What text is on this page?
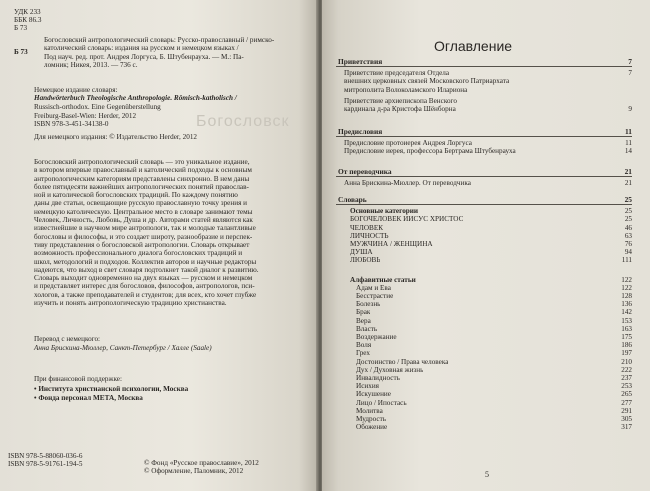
УДК 233
ББК 86.3
Б 73
Б 73
Богословский антропологический словарь: Русско-православный / римско-
католический словарь: издания на русском и немецком языках /
Под науч. ред. прот. Андрея Лоргуса, Б. Штубенрауха. — М.: Па-
ломник; Никея, 2013. — 736 с.
Богословск
Немецкое издание словаря:
Handwörterbuch Theologische Anthropologie. Römisch-katholisch /
Russisch-orthodox. Eine Gegenüberstellung
Freiburg-Basel-Wien: Herder, 2012
ISBN 978-3-451-34138-0
Для немецкого издания: © Издательство Herder, 2012
Богословский антропологический словарь — это уникальное издание,
в котором впервые православный и католический подходы к основным
антропологическим категориям представлены синхронно. В нем даны
более пятидесяти важнейших антропологических понятий православ-
ной и католической богословских традиций. По каждому понятию
даны две статьи, освещающие русскую православную точку зрения и
немецкую католическую. Центральное место в словаре занимают темы
Человек, Личность, Любовь, Душа и др. Авторами статей являются как
известнейшие в научном мире антропологи, так и молодые талантливые
богословы и философы, и это создает широту, разнообразие и перспек-
тиву представления о богословской антропологии. Словарь открывает
возможность профессионального диалога богословских традиций и
школ, методологий и подходов. Коллектив авторов и научные редакторы
надеются, что выход в свет словаря подтолкнет такой диалог к развитию.
Словарь выходит одновременно на двух языках — русском и немецком
и представляет интерес для богословов, философов, антропологов, пси-
хологов, а также преподавателей и студентов; для всех, кто хочет глубже
изучить и понять антропологическую традицию христианства.
Перевод с немецкого:
Анна Брискина-Мюллер, Санкт-Петербург / Халле (Saale)
При финансовой поддержке:
• Института христианской психологии, Москва
• Фонда персонал МЕТА, Москва
ISBN 978-5-88060-036-6
ISBN 978-5-91761-194-5	© Фонд «Русское православие», 2012
© Оформление, Паломник, 2012
Оглавление
Приветствия	7
Приветствие председателя Отдела	7
внешних церковных связей Московского Патриархата
митрополита Волоколамского Илариона
Приветствие архиепископа Венского
кардинала д-ра Кристофа Шёнборна	9
Предисловия	11
Предисловие протоиерея Андрея Лоргуса	11
Предисловие иерея, профессора Бертрама Штубенрауха	14
От переводчика	21
Анна Брискина-Мюллер. От переводчика	21
Словарь	25
Основные категории	25
БОГОЧЕЛОВЕК ИИСУС ХРИСТОС	25
ЧЕЛОВЕК	46
ЛИЧНОСТЬ	63
МУЖЧИНА / ЖЕНЩИНА	76
ДУША	94
ЛЮБОВЬ	111
Алфавитные статьи	122
Адам и Ева	122
Бесстрастие	128
Болезнь	136
Брак	142
Вера	153
Власть	163
Воздержание	175
Воля	186
Грех	197
Достоинство / Права человека	210
Дух / Духовная жизнь	222
Инвалидность	237
Исихия	253
Искушение	265
Лицо / Ипостась	277
Молитва	291
Мудрость	305
Обожение	317
5
